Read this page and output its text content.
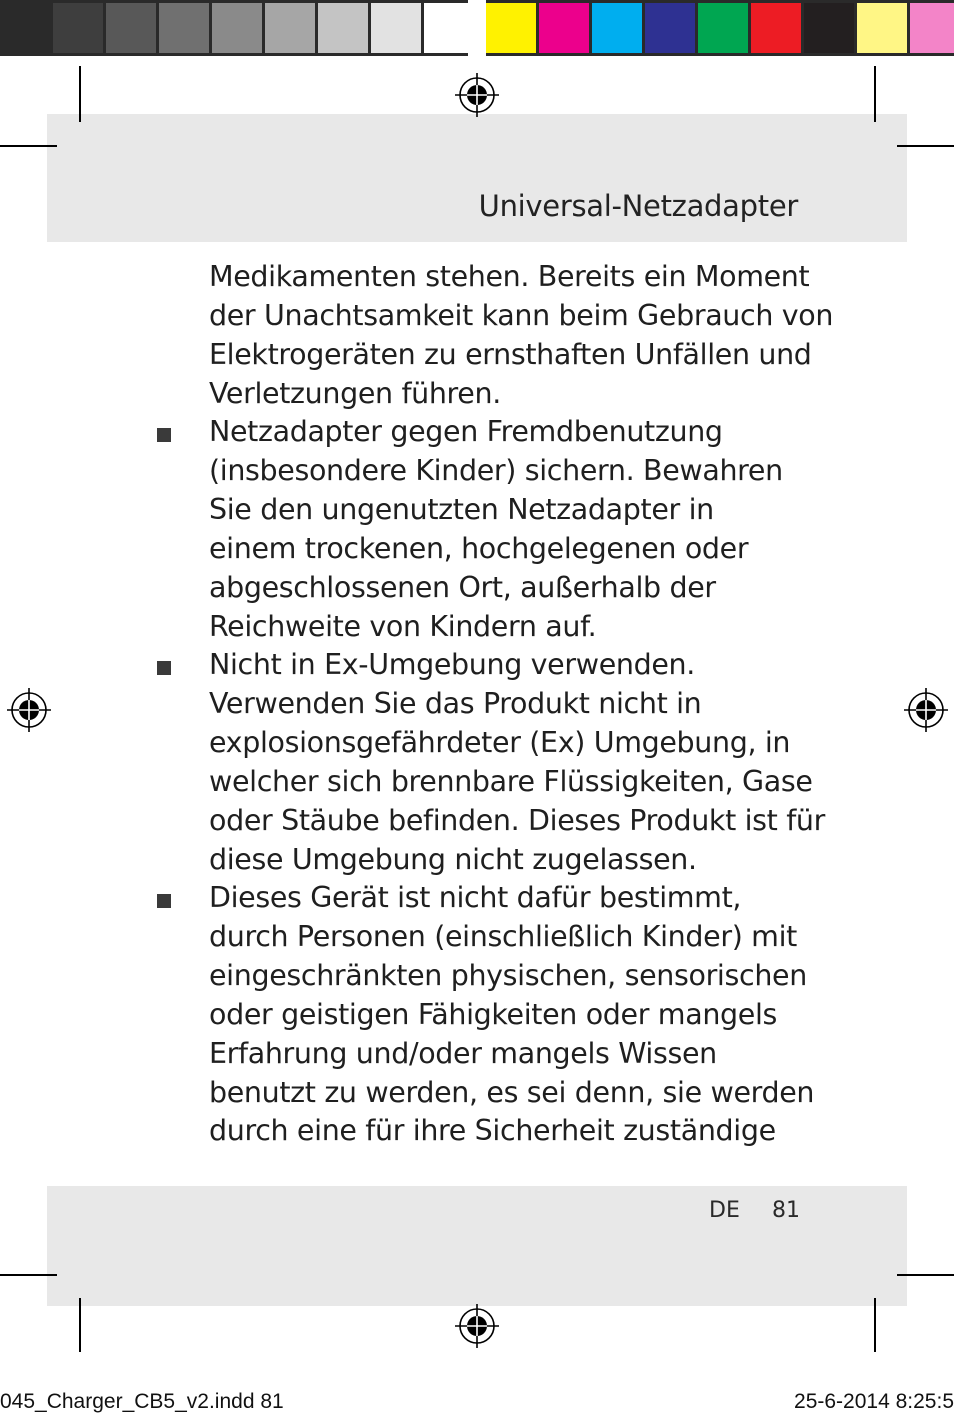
Universal-Netzadapter
Medikamenten stehen. Bereits ein Moment
der Unachtsamkeit kann beim Gebrauch von
Elektrogeräten zu ernsthaften Unfällen und
Verletzungen führen.
Netzadapter gegen Fremdbenutzung
(insbesondere Kinder) sichern. Bewahren
Sie den ungenutzten Netzadapter in
einem trockenen, hochgelegenen oder
abgeschlossenen Ort, außerhalb der
Reichweite von Kindern auf.
Nicht in Ex-Umgebung verwenden.
Verwenden Sie das Produkt nicht in
explosionsgefährdeter (Ex) Umgebung, in
welcher sich brennbare Flüssigkeiten, Gase
oder Stäube befinden. Dieses Produkt ist für
diese Umgebung nicht zugelassen.
Dieses Gerät ist nicht dafür bestimmt,
durch Personen (einschließlich Kinder) mit
eingeschränkten physischen, sensorischen
oder geistigen Fähigkeiten oder mangels
Erfahrung und/oder mangels Wissen
benutzt zu werden, es sei denn, sie werden
durch eine für ihre Sicherheit zuständige
DE 81
045_Charger_CB5_v2.indd 81	25-6-2014 8:25:5
